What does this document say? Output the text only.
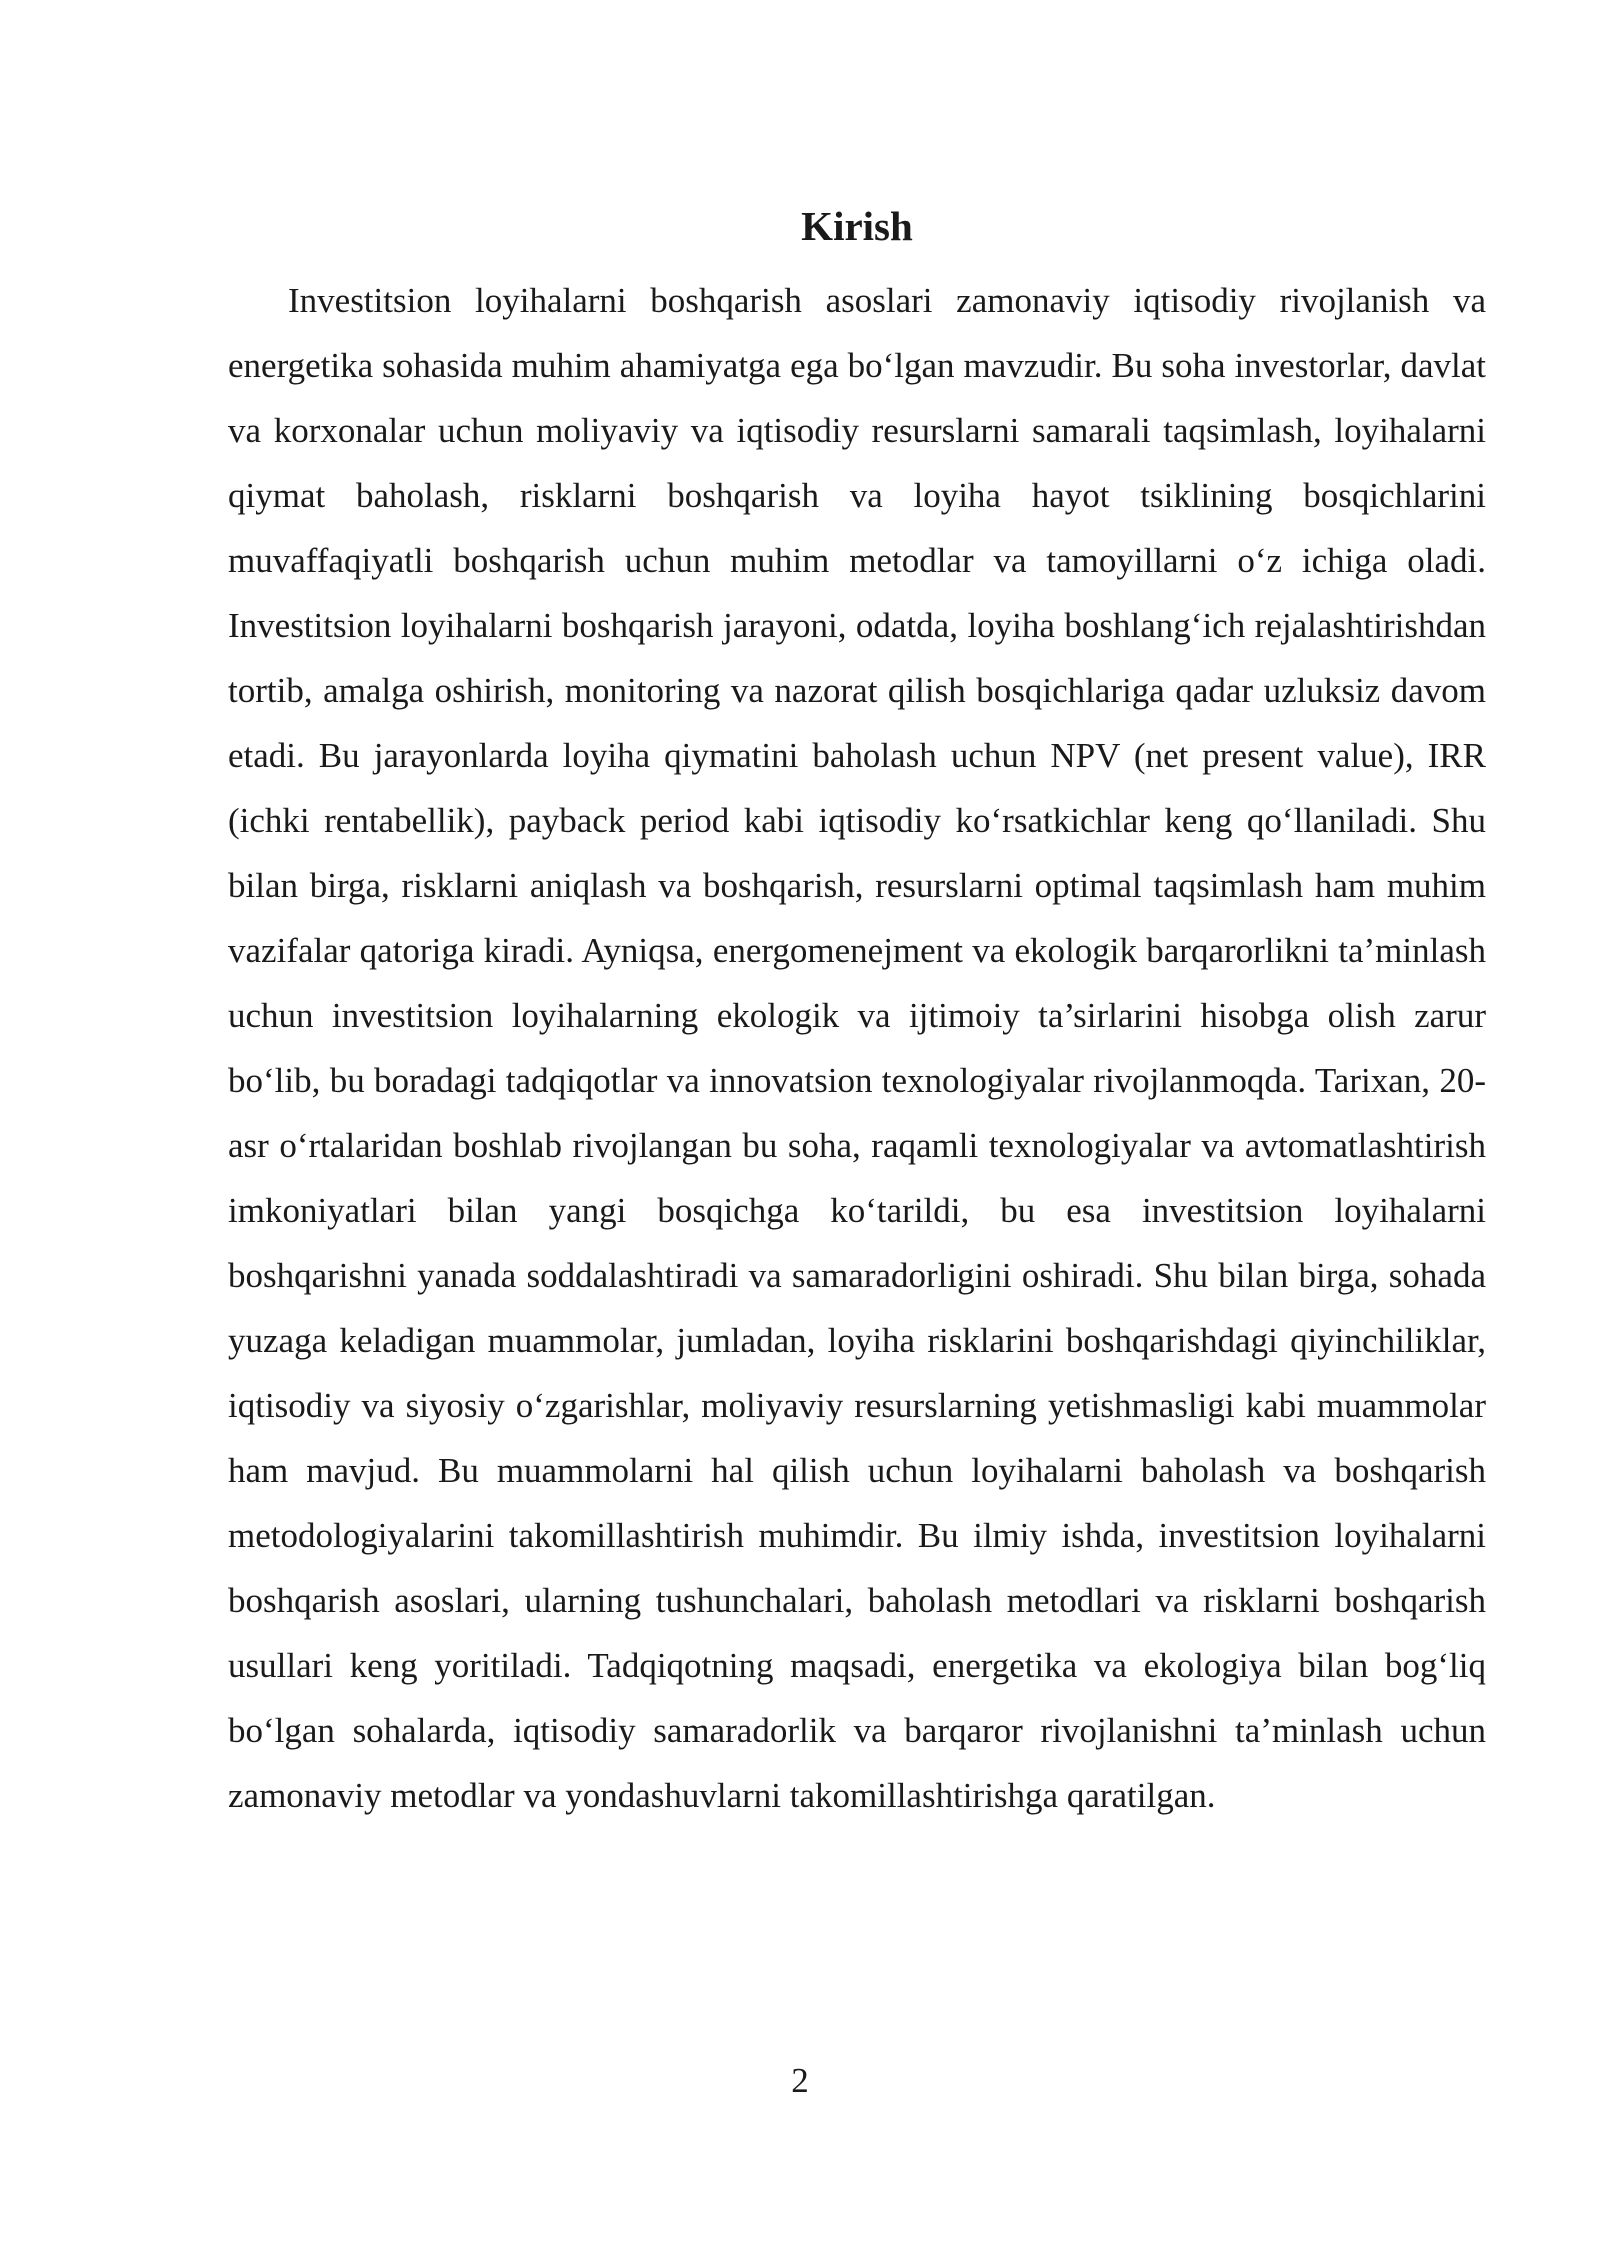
Kirish

Investitsion loyihalarni boshqarish asoslari zamonaviy iqtisodiy rivojlanish va energetika sohasida muhim ahamiyatga ega bo‘lgan mavzudir. Bu soha investorlar, davlat va korxonalar uchun moliyaviy va iqtisodiy resurslarni samarali taqsimlash, loyihalarni qiymat baholash, risklarni boshqarish va loyiha hayot tsiklining bosqichlarini muvaffaqiyatli boshqarish uchun muhim metodlar va tamoyillarni o‘z ichiga oladi. Investitsion loyihalarni boshqarish jarayoni, odatda, loyiha boshlang‘ich rejalashtirishdan tortib, amalga oshirish, monitoring va nazorat qilish bosqichlariga qadar uzluksiz davom etadi. Bu jarayonlarda loyiha qiymatini baholash uchun NPV (net present value), IRR (ichki rentabellik), payback period kabi iqtisodiy ko‘rsatkichlar keng qo‘llaniladi. Shu bilan birga, risklarni aniqlash va boshqarish, resurslarni optimal taqsimlash ham muhim vazifalar qatoriga kiradi. Ayniqsa, energomenejment va ekologik barqarorlikni ta’minlash uchun investitsion loyihalarning ekologik va ijtimoiy ta’sirlarini hisobga olish zarur bo‘lib, bu boradagi tadqiqotlar va innovatsion texnologiyalar rivojlanmoqda. Tarixan, 20-asr o‘rtalaridan boshlab rivojlangan bu soha, raqamli texnologiyalar va avtomatlashtirish imkoniyatlari bilan yangi bosqichga ko‘tarildi, bu esa investitsion loyihalarni boshqarishni yanada soddalashtiradi va samaradorligini oshiradi. Shu bilan birga, sohada yuzaga keladigan muammolar, jumladan, loyiha risklarini boshqarishdagi qiyinchiliklar, iqtisodiy va siyosiy o‘zgarishlar, moliyaviy resurslarning yetishmasligi kabi muammolar ham mavjud. Bu muammolarni hal qilish uchun loyihalarni baholash va boshqarish metodologiyalarini takomillashtirish muhimdir. Bu ilmiy ishda, investitsion loyihalarni boshqarish asoslari, ularning tushunchalari, baholash metodlari va risklarni boshqarish usullari keng yoritiladi. Tadqiqotning maqsadi, energetika va ekologiya bilan bog‘liq bo‘lgan sohalarda, iqtisodiy samaradorlik va barqaror rivojlanishni ta’minlash uchun zamonaviy metodlar va yondashuvlarni takomillashtirishga qaratilgan.

2
